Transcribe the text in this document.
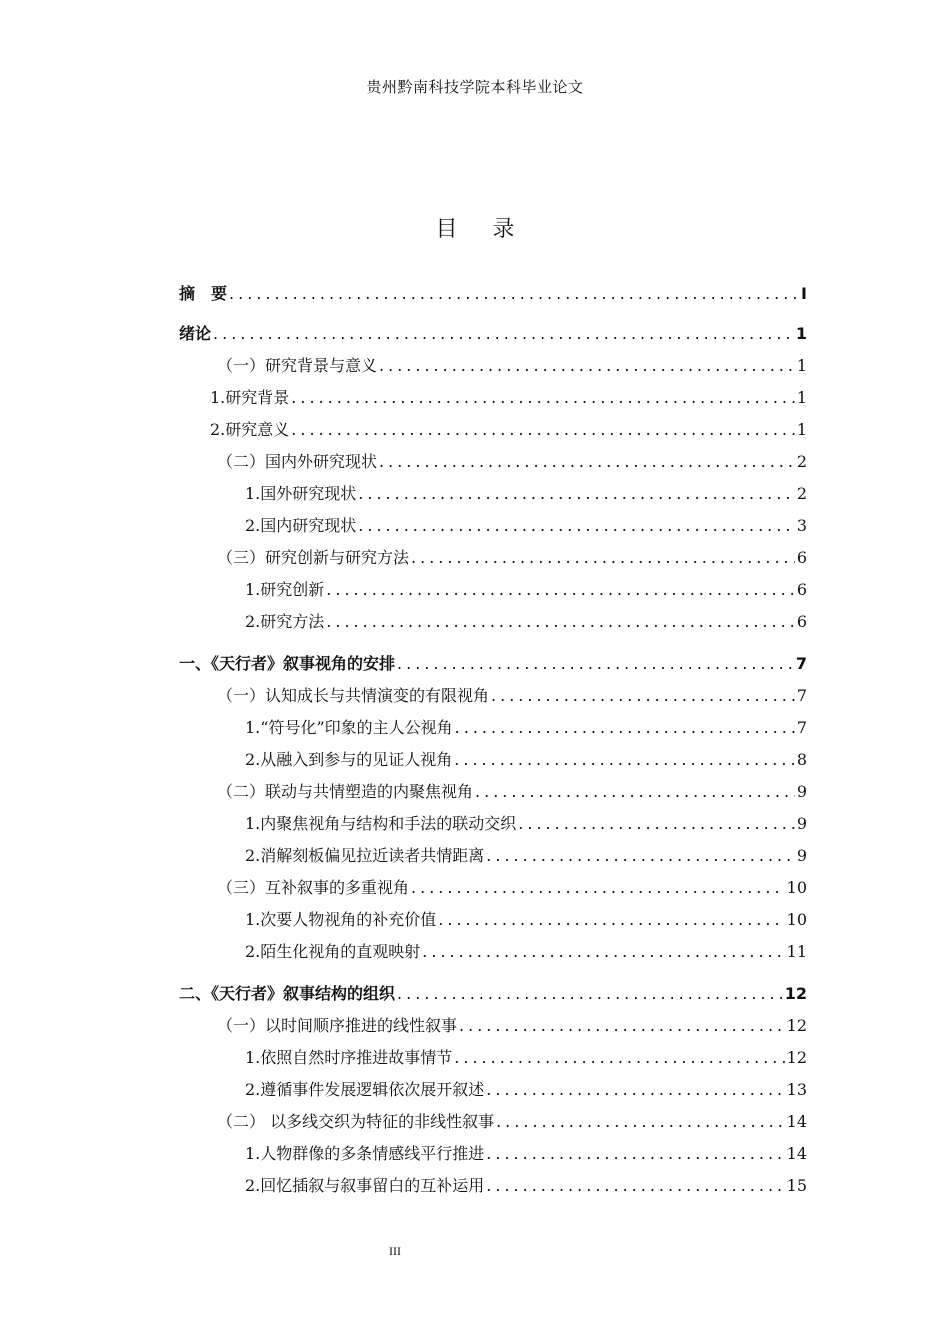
贵州黔南科技学院本科毕业论文
目 录
摘　要 .....	I
绪论 .....	1
（一）研究背景与意义 .....	1
1.研究背景 .....	1
2.研究意义 .....	1
（二）国内外研究现状 .....	2
1.国外研究现状 .....	2
2.国内研究现状 .....	3
（三）研究创新与研究方法 .....	6
1.研究创新 .....	6
2.研究方法 .....	6
一、《天行者》叙事视角的安排 .....	7
（一）认知成长与共情演变的有限视角 .....	7
1.“符号化”印象的主人公视角 .....	7
2.从融入到参与的见证人视角 .....	8
（二）联动与共情塑造的内聚焦视角 .....	9
1.内聚焦视角与结构和手法的联动交织 .....	9
2.消解刻板偏见拉近读者共情距离 .....	9
（三）互补叙事的多重视角 .....	10
1.次要人物视角的补充价值 .....	10
2.陌生化视角的直观映射 .....	11
二、《天行者》叙事结构的组织 .....	12
（一）以时间顺序推进的线性叙事 .....	12
1.依照自然时序推进故事情节 .....	12
2.遵循事件发展逻辑依次展开叙述 .....	13
（二） 以多线交织为特征的非线性叙事 .....	14
1.人物群像的多条情感线平行推进 .....	14
2.回忆插叙与叙事留白的互补运用 .....	15
III
